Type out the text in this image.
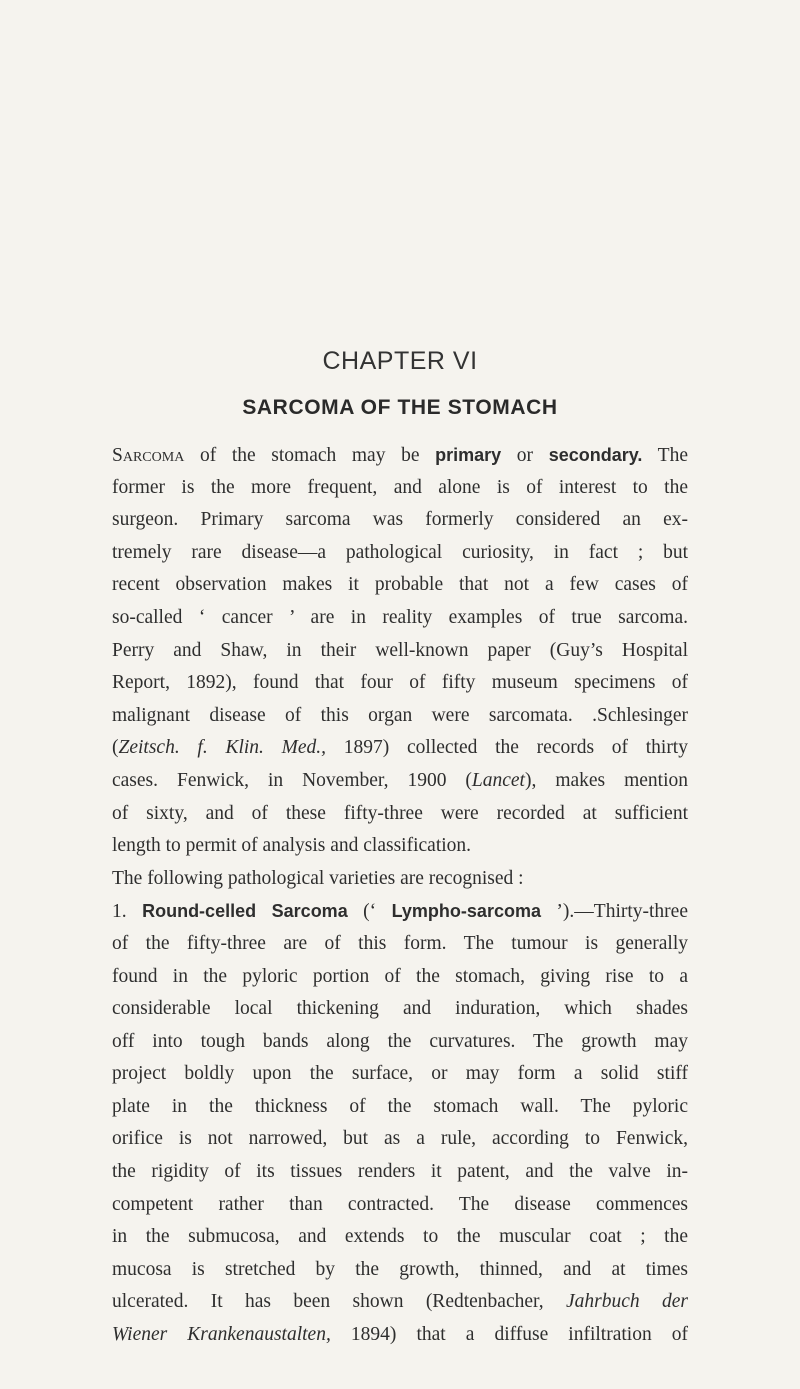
CHAPTER VI
SARCOMA OF THE STOMACH
Sarcoma of the stomach may be primary or secondary. The
former is the more frequent, and alone is of interest to the
surgeon. Primary sarcoma was formerly considered an ex-
tremely rare disease—a pathological curiosity, in fact ; but
recent observation makes it probable that not a few cases of
so-called ‘ cancer ’ are in reality examples of true sarcoma.
Perry and Shaw, in their well-known paper (Guy’s Hospital
Report, 1892), found that four of fifty museum specimens of
malignant disease of this organ were sarcomata. .Schlesinger
(Zeitsch. f. Klin. Med., 1897) collected the records of thirty
cases. Fenwick, in November, 1900 (Lancet), makes mention
of sixty, and of these fifty-three were recorded at sufficient
length to permit of analysis and classification.
The following pathological varieties are recognised :
1. Round-celled Sarcoma (‘ Lympho-sarcoma ’).—Thirty-three
of the fifty-three are of this form. The tumour is generally
found in the pyloric portion of the stomach, giving rise to a
considerable local thickening and induration, which shades
off into tough bands along the curvatures. The growth may
project boldly upon the surface, or may form a solid stiff
plate in the thickness of the stomach wall. The pyloric
orifice is not narrowed, but as a rule, according to Fenwick,
the rigidity of its tissues renders it patent, and the valve in-
competent rather than contracted. The disease commences
in the submucosa, and extends to the muscular coat ; the
mucosa is stretched by the growth, thinned, and at times
ulcerated. It has been shown (Redtenbacher, Jahrbuch der
Wiener Krankenaustalten, 1894) that a diffuse infiltration of
